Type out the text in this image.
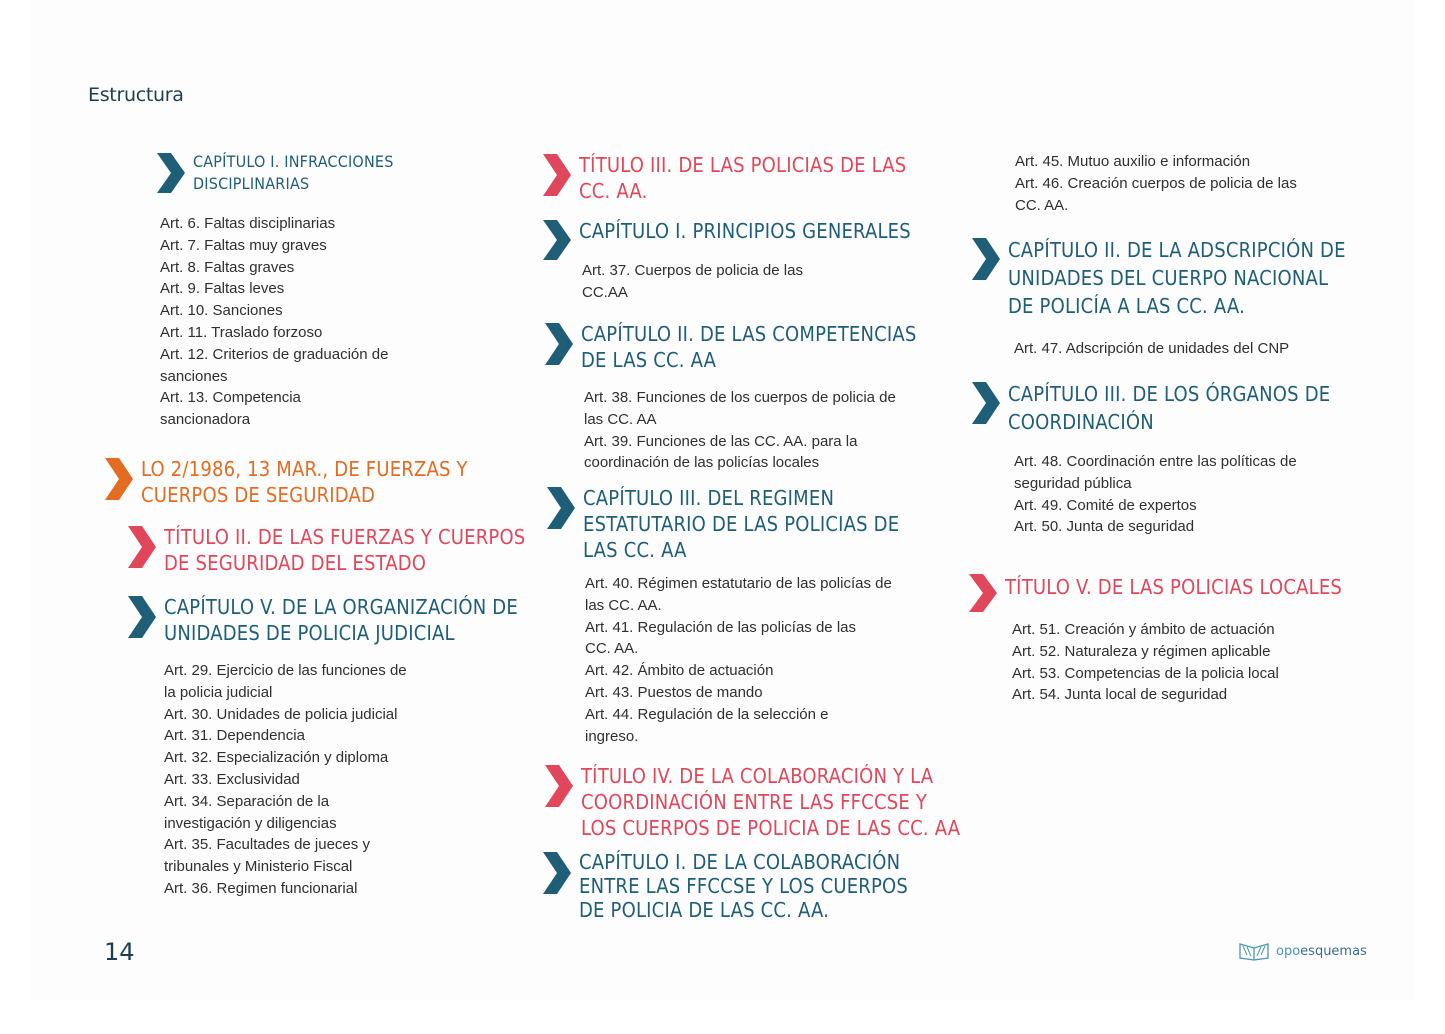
Estructura
CAPÍTULO I. INFRACCIONES DISCIPLINARIAS
Art. 6. Faltas disciplinarias
Art. 7. Faltas muy graves
Art. 8. Faltas graves
Art. 9. Faltas leves
Art. 10. Sanciones
Art. 11. Traslado forzoso
Art. 12. Criterios de graduación de sanciones
Art. 13. Competencia sancionadora
LO 2/1986, 13 MAR., DE FUERZAS Y CUERPOS DE SEGURIDAD
TÍTULO II. DE LAS FUERZAS Y CUERPOS DE SEGURIDAD DEL ESTADO
CAPÍTULO V. DE LA ORGANIZACIÓN DE UNIDADES DE POLICIA JUDICIAL
Art. 29. Ejercicio de las funciones de la policia judicial
Art. 30. Unidades de policia judicial
Art. 31. Dependencia
Art. 32. Especialización y diploma
Art. 33. Exclusividad
Art. 34. Separación de la investigación y diligencias
Art. 35. Facultades de jueces y tribunales y Ministerio Fiscal
Art. 36. Regimen funcionarial
TÍTULO III. DE LAS POLICIAS DE LAS CC. AA.
CAPÍTULO I. PRINCIPIOS GENERALES
Art. 37. Cuerpos de policia de las CC.AA
CAPÍTULO II. DE LAS COMPETENCIAS DE LAS CC. AA
Art. 38. Funciones de los cuerpos de policia de las CC. AA
Art. 39. Funciones de las CC. AA. para la coordinación de las policías locales
CAPÍTULO III. DEL REGIMEN ESTATUTARIO DE LAS POLICIAS DE LAS CC. AA
Art. 40. Régimen estatutario de las policías de las CC. AA.
Art. 41. Regulación de las policías de las CC. AA.
Art. 42. Ámbito de actuación
Art. 43. Puestos de mando
Art. 44. Regulación de la selección e ingreso.
TÍTULO IV. DE LA COLABORACIÓN Y LA COORDINACIÓN ENTRE LAS FFCCSE Y LOS CUERPOS DE POLICIA DE LAS CC. AA
CAPÍTULO I. DE LA COLABORACIÓN ENTRE LAS FFCCSE Y LOS CUERPOS DE POLICIA DE LAS CC. AA.
Art. 45. Mutuo auxilio e información
Art. 46. Creación cuerpos de policia de las CC. AA.
CAPÍTULO II. DE LA ADSCRIPCIÓN DE UNIDADES DEL CUERPO NACIONAL DE POLICÍA A LAS CC. AA.
Art. 47. Adscripción de unidades del CNP
CAPÍTULO III. DE LOS ÓRGANOS DE COORDINACIÓN
Art. 48. Coordinación entre las políticas de seguridad pública
Art. 49. Comité de expertos
Art. 50. Junta de seguridad
TÍTULO V. DE LAS POLICIAS LOCALES
Art. 51. Creación y ámbito de actuación
Art. 52. Naturaleza y régimen aplicable
Art. 53. Competencias de la policia local
Art. 54. Junta local de seguridad
14	opoesquemas
